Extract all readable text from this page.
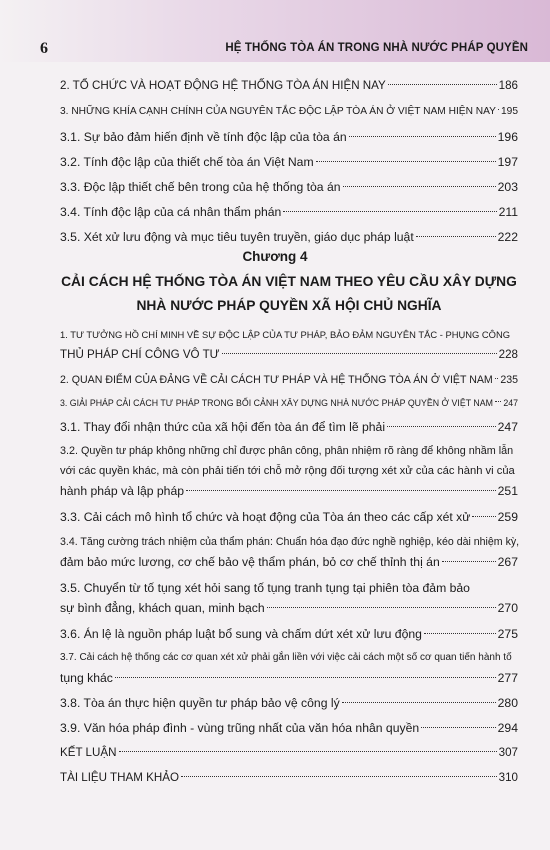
6	HỆ THỐNG TÒA ÁN TRONG NHÀ NƯỚC PHÁP QUYỀN
2. TỔ CHỨC VÀ HOẠT ĐỘNG HỆ THỐNG TÒA ÁN HIỆN NAY	186
3. NHỮNG KHÍA CẠNH CHÍNH CỦA NGUYÊN TẮC ĐỘC LẬP TÒA ÁN Ở VIỆT NAM HIỆN NAY 195
3.1. Sự bảo đảm hiến định về tính độc lập của tòa án	196
3.2. Tính độc lập của thiết chế tòa án Việt Nam	197
3.3. Độc lập thiết chế bên trong của hệ thống tòa án	203
3.4. Tính độc lập của cá nhân thẩm phán	211
3.5. Xét xử lưu động và mục tiêu tuyên truyền, giáo dục pháp luật	222
Chương 4
CẢI CÁCH HỆ THỐNG TÒA ÁN VIỆT NAM THEO YÊU CẦU XÂY DỰNG
NHÀ NƯỚC PHÁP QUYỀN XÃ HỘI CHỦ NGHĨA
1. TƯ TƯỞNG HỒ CHÍ MINH VỀ SỰ ĐỘC LẬP CỦA TƯ PHÁP, BẢO ĐẢM NGUYÊN TẮC - PHỤNG CÔNG
THỦ PHÁP CHÍ CÔNG VÔ TƯ	228
2. QUAN ĐIỂM CỦA ĐẢNG VỀ CẢI CÁCH TƯ PHÁP VÀ HỆ THỐNG TÒA ÁN Ở VIỆT NAM 235
3. GIẢI PHÁP CẢI CÁCH TƯ PHÁP TRONG BỐI CẢNH XÂY DỰNG NHÀ NƯỚC PHÁP QUYỀN Ở VIỆT NAM 247
3.1. Thay đổi nhận thức của xã hội đến tòa án để tìm lẽ phải	247
3.2. Quyền tư pháp không những chỉ được phân công, phân nhiệm rõ ràng để không nhầm lẫn
với các quyền khác, mà còn phải tiến tới chỗ mở rộng đối tượng xét xử của các hành vi của
hành pháp và lập pháp	251
3.3. Cải cách mô hình tổ chức và hoạt động của Tòa án theo các cấp xét xử 259
3.4. Tăng cường trách nhiệm của thẩm phán: Chuẩn hóa đạo đức nghề nghiệp, kéo dài nhiệm kỳ,
đảm bảo mức lương, cơ chế bảo vệ thẩm phán, bỏ cơ chế thỉnh thị án	267
3.5. Chuyển từ tố tụng xét hỏi sang tố tụng tranh tụng tại phiên tòa đảm bảo
sự bình đẳng, khách quan, minh bạch	270
3.6. Án lệ là nguồn pháp luật bổ sung và chấm dứt xét xử lưu động	275
3.7. Cải cách hệ thống các cơ quan xét xử phải gắn liền với việc cải cách một số cơ quan tiến hành tố
tụng khác	277
3.8. Tòa án thực hiện quyền tư pháp bảo vệ công lý	280
3.9. Văn hóa pháp đình - vùng trũng nhất của văn hóa nhân quyền	294
KẾT LUẬN	307
TÀI LIỆU THAM KHẢO	310
